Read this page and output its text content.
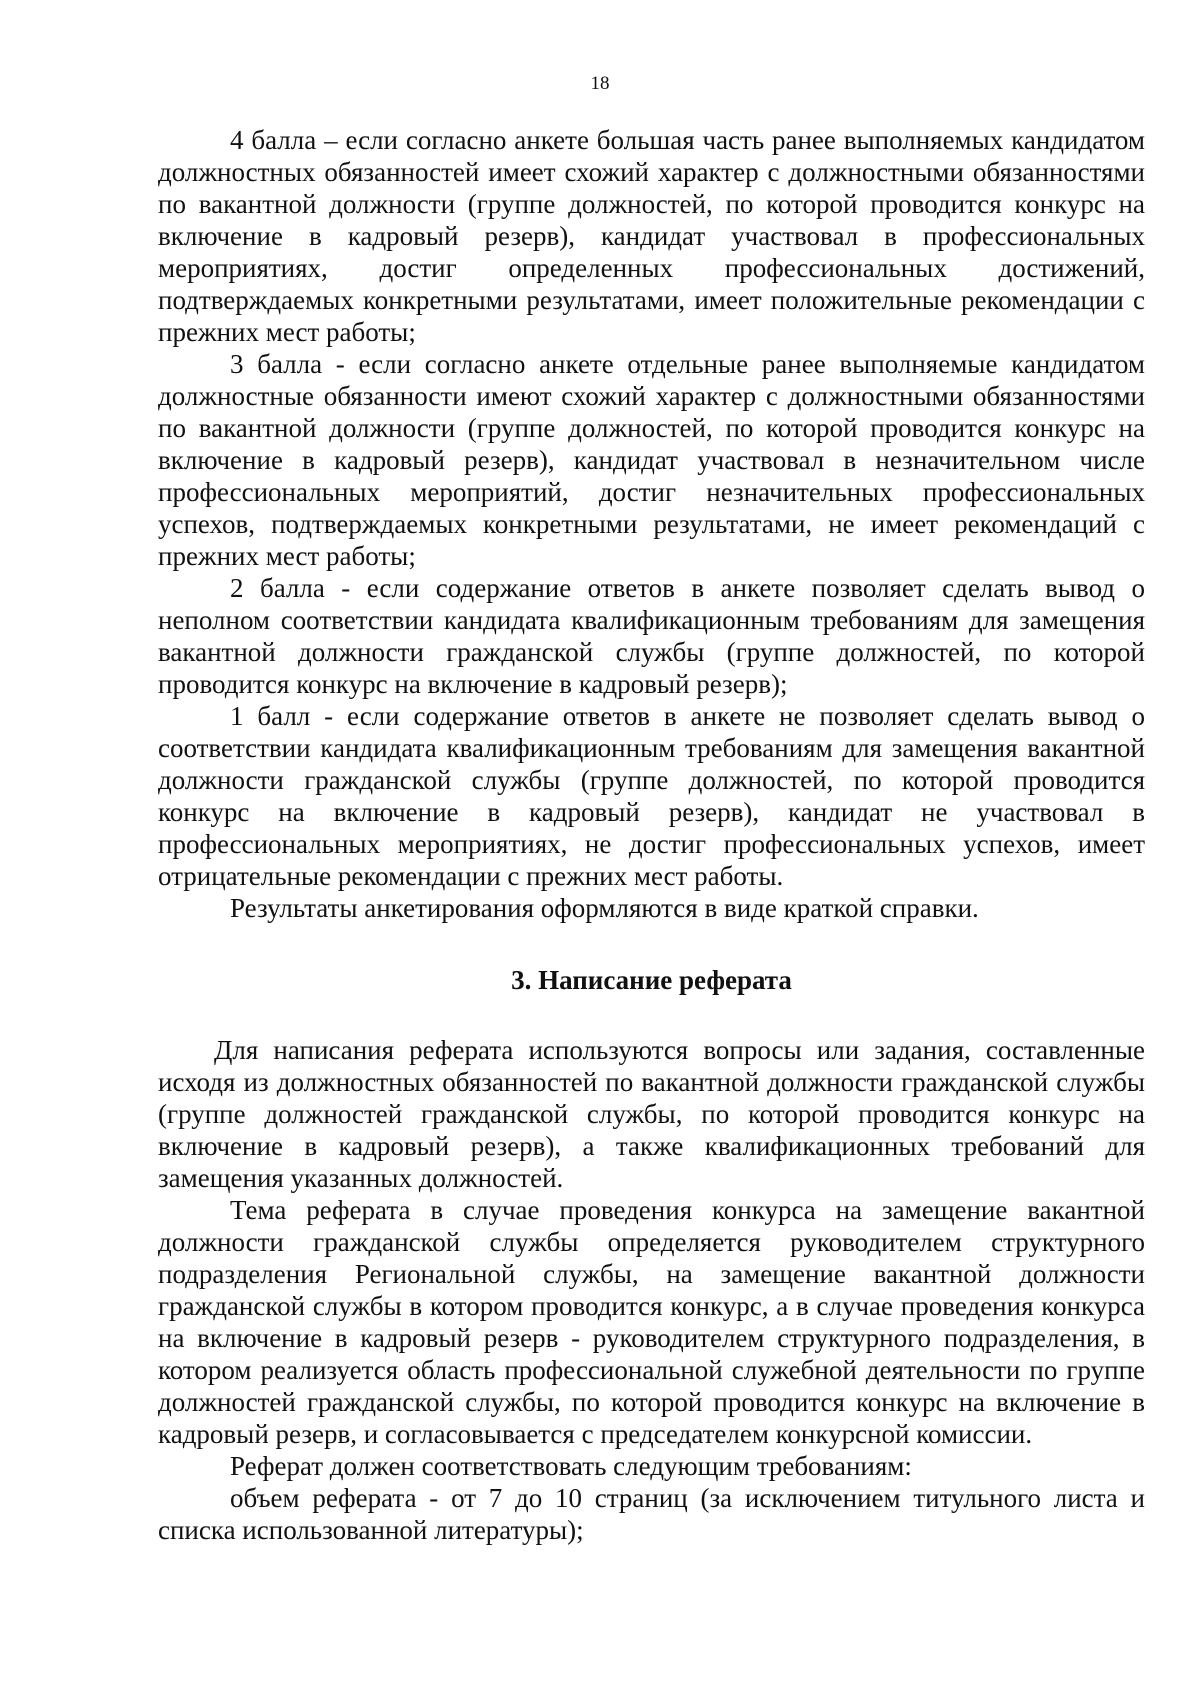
18

4 балла – если согласно анкете большая часть ранее выполняемых кандидатом должностных обязанностей имеет схожий характер с должностными обязанностями по вакантной должности (группе должностей, по которой проводится конкурс на включение в кадровый резерв), кандидат участвовал в профессиональных мероприятиях, достиг определенных профессиональных достижений, подтверждаемых конкретными результатами, имеет положительные рекомендации с прежних мест работы;

3 балла - если согласно анкете отдельные ранее выполняемые кандидатом должностные обязанности имеют схожий характер с должностными обязанностями по вакантной должности (группе должностей, по которой проводится конкурс на включение в кадровый резерв), кандидат участвовал в незначительном числе профессиональных мероприятий, достиг незначительных профессиональных успехов, подтверждаемых конкретными результатами, не имеет рекомендаций с прежних мест работы;

2 балла - если содержание ответов в анкете позволяет сделать вывод о неполном соответствии кандидата квалификационным требованиям для замещения вакантной должности гражданской службы (группе должностей, по которой проводится конкурс на включение в кадровый резерв);

1 балл - если содержание ответов в анкете не позволяет сделать вывод о соответствии кандидата квалификационным требованиям для замещения вакантной должности гражданской службы (группе должностей, по которой проводится конкурс на включение в кадровый резерв), кандидат не участвовал в профессиональных мероприятиях, не достиг профессиональных успехов, имеет отрицательные рекомендации с прежних мест работы.

Результаты анкетирования оформляются в виде краткой справки.

3. Написание реферата

Для написания реферата используются вопросы или задания, составленные исходя из должностных обязанностей по вакантной должности гражданской службы (группе должностей гражданской службы, по которой проводится конкурс на включение в кадровый резерв), а также квалификационных требований для замещения указанных должностей.

Тема реферата в случае проведения конкурса на замещение вакантной должности гражданской службы определяется руководителем структурного подразделения Региональной службы, на замещение вакантной должности гражданской службы в котором проводится конкурс, а в случае проведения конкурса на включение в кадровый резерв - руководителем структурного подразделения, в котором реализуется область профессиональной служебной деятельности по группе должностей гражданской службы, по которой проводится конкурс на включение в кадровый резерв, и согласовывается с председателем конкурсной комиссии.

Реферат должен соответствовать следующим требованиям:

объем реферата - от 7 до 10 страниц (за исключением титульного листа и списка использованной литературы);
